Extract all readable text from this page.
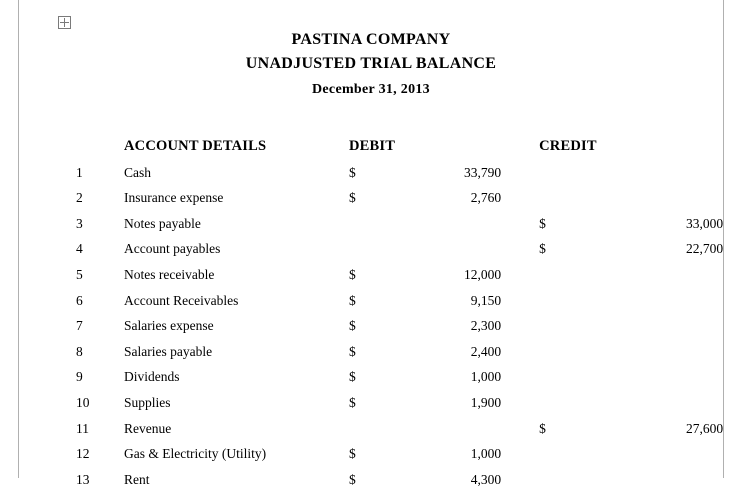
PASTINA COMPANY
UNADJUSTED TRIAL BALANCE
December 31, 2013
	ACCOUNT DETAILS	DEBIT		CREDIT	
1	Cash	$	33,790		
2	Insurance expense	$	2,760		
3	Notes payable			$	33,000
4	Account payables			$	22,700
5	Notes receivable	$	12,000		
6	Account Receivables	$	9,150		
7	Salaries expense	$	2,300		
8	Salaries payable	$	2,400		
9	Dividends	$	1,000		
10	Supplies	$	1,900		
11	Revenue			$	27,600
12	Gas & Electricity (Utility)	$	1,000		
13	Rent	$	4,300		
